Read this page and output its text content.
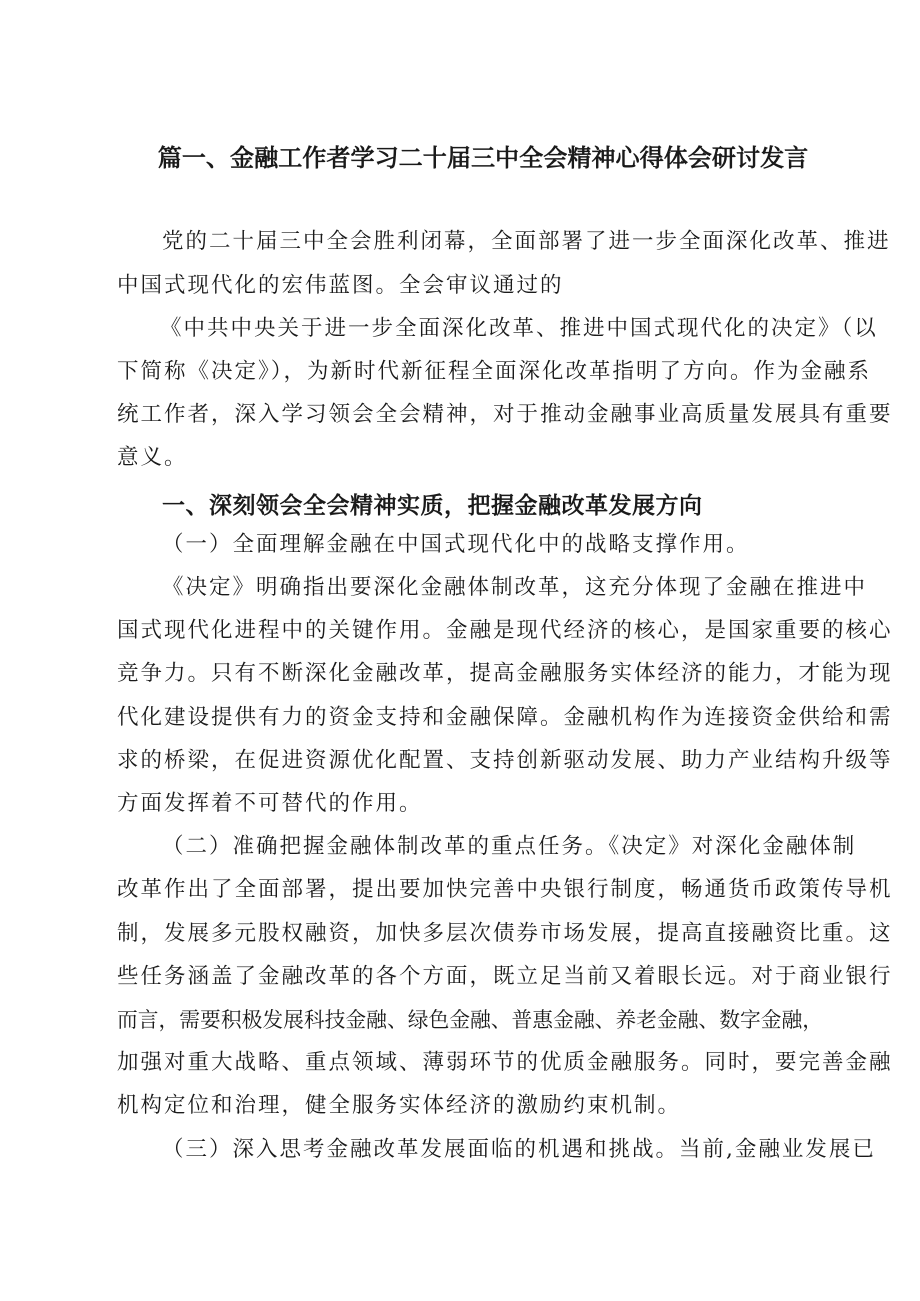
篇一、金融工作者学习二十届三中全会精神心得体会研讨发言
党的二十届三中全会胜利闭幕，全面部署了进一步全面深化改革、推进
中国式现代化的宏伟蓝图。全会审议通过的
《中共中央关于进一步全面深化改革、推进中国式现代化的决定》（以
下简称《决定》），为新时代新征程全面深化改革指明了方向。作为金融系
统工作者，深入学习领会全会精神，对于推动金融事业高质量发展具有重要
意义。
一、深刻领会全会精神实质，把握金融改革发展方向
（一）全面理解金融在中国式现代化中的战略支撑作用。
《决定》明确指出要深化金融体制改革，这充分体现了金融在推进中
国式现代化进程中的关键作用。金融是现代经济的核心，是国家重要的核心
竞争力。只有不断深化金融改革，提高金融服务实体经济的能力，才能为现
代化建设提供有力的资金支持和金融保障。金融机构作为连接资金供给和需
求的桥梁，在促进资源优化配置、支持创新驱动发展、助力产业结构升级等
方面发挥着不可替代的作用。
（二）准确把握金融体制改革的重点任务。《决定》对深化金融体制
改革作出了全面部署，提出要加快完善中央银行制度，畅通货币政策传导机
制，发展多元股权融资，加快多层次债券市场发展，提高直接融资比重。这
些任务涵盖了金融改革的各个方面，既立足当前又着眼长远。对于商业银行
而言，需要积极发展科技金融、绿色金融、普惠金融、养老金融、数字金融，
加强对重大战略、重点领域、薄弱环节的优质金融服务。同时，要完善金融
机构定位和治理，健全服务实体经济的激励约束机制。
（三）深入思考金融改革发展面临的机遇和挑战。当前,金融业发展已
